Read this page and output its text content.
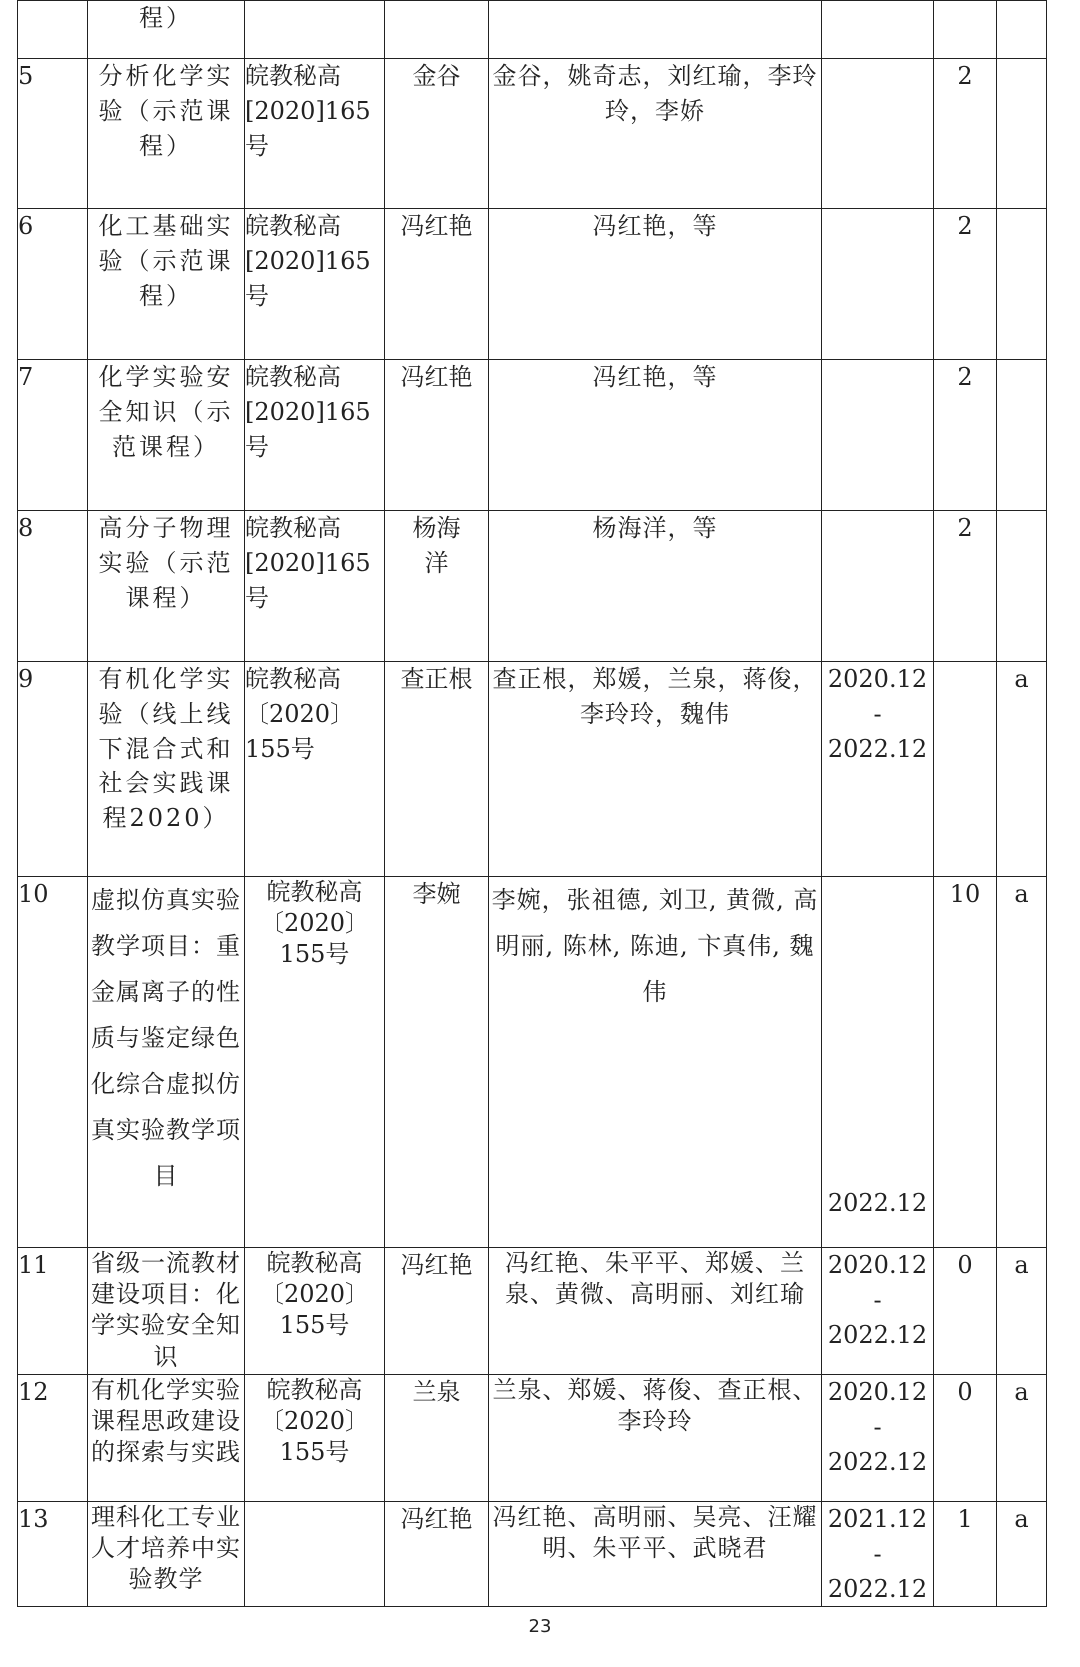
	程）						
5	分析化学实验（示范课程）	皖教秘高[2020]165号	金谷	金谷，姚奇志，刘红瑜，李玲玲，李娇		2	
6	化工基础实验（示范课程）	皖教秘高[2020]165号	冯红艳	冯红艳，等		2	
7	化学实验安全知识（示范课程）	皖教秘高[2020]165号	冯红艳	冯红艳，等		2	
8	高分子物理实验（示范课程）	皖教秘高[2020]165号	杨海洋	杨海洋，等		2	
9	有机化学实验（线上线下混合式和社会实践课程2020）	皖教秘高〔2020〕155号	查正根	查正根，郑媛，兰泉，蒋俊，李玲玲，魏伟	2020.12
-
2022.12		a
10	虚拟仿真实验教学项目：重金属离子的性质与鉴定绿色化综合虚拟仿真实验教学项目	皖教秘高〔2020〕155号	李婉	李婉，张祖德, 刘卫, 黄微, 高明丽, 陈林, 陈迪, 卞真伟, 魏伟	2022.12	10	a
11	省级一流教材建设项目：化学实验安全知识	皖教秘高〔2020〕155号	冯红艳	冯红艳、朱平平、郑媛、兰泉、黄微、高明丽、刘红瑜	2020.12
-
2022.12	0	a
12	有机化学实验课程思政建设的探索与实践	皖教秘高〔2020〕155号	兰泉	兰泉、郑媛、蒋俊、查正根、李玲玲	2020.12
-
2022.12	0	a
13	理科化工专业人才培养中实验教学		冯红艳	冯红艳、高明丽、吴亮、汪耀明、朱平平、武晓君	2021.12
-
2022.12	1	a
23
